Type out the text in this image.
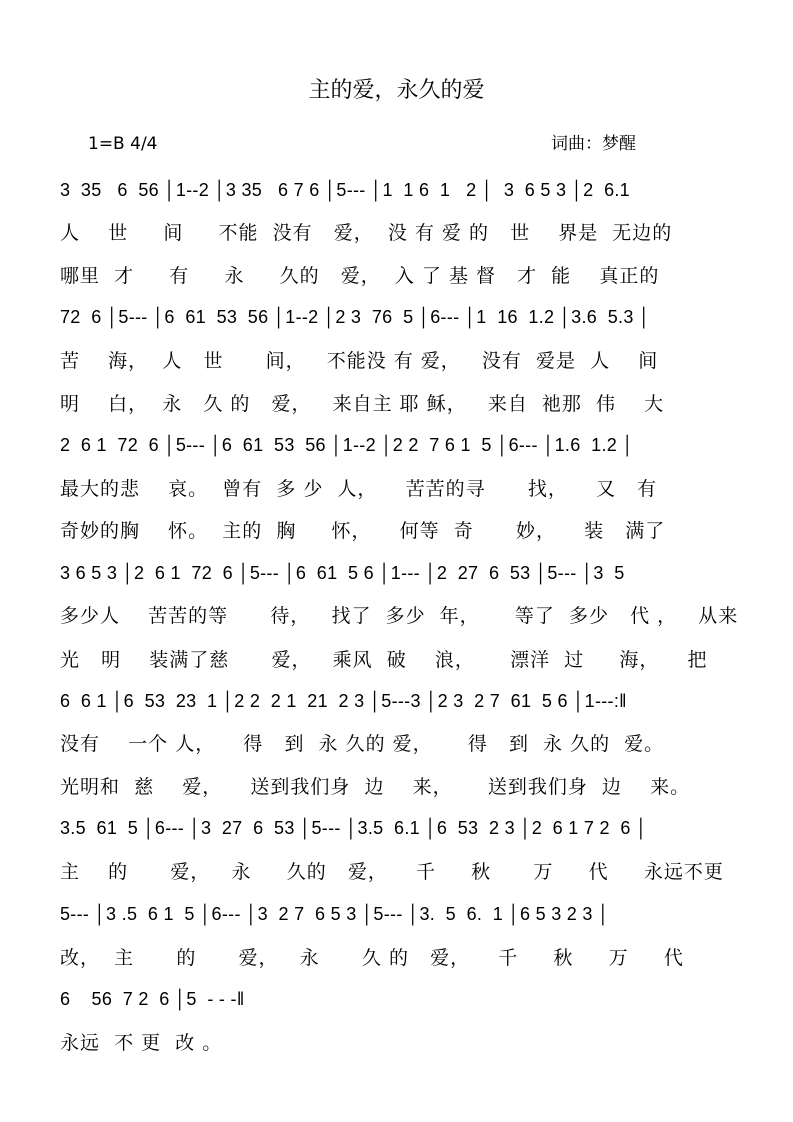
主的爱，永久的爱
1=B 4/4	词曲：梦醒
3  35   6  56 │1--2 │3 35   6 7 6 │5--- │1  1 6  1   2 │  3  6 5 3 │2  6.1
人    世     间     不能  没有   爱，  没 有 爱 的   世    界是  无边的
哪里  才     有     永     久的   爱，  入 了 基 督   才  能    真正的
72  6 │5--- │6  61  53  56 │1--2 │2 3  76  5 │6--- │1  16  1.2 │3.6  5.3 │
苦    海，  人   世      间，   不能没 有 爱，   没有  爱是  人    间
明    白，  永   久 的   爱，   来自主 耶 稣，   来自  祂那  伟    大
2  6 1  72  6 │5--- │6  61  53  56 │1--2 │2 2  7 6 1  5 │6--- │1.6  1.2 │
最大的悲    哀。  曾有  多 少  人，    苦苦的寻      找，    又   有
奇妙的胸    怀。  主的  胸     怀，    何等  奇      妙，    装   满了
3 6 5 3 │2  6 1  72  6 │5--- │6  61  5 6 │1--- │2  27  6  53 │5--- │3  5
多少人    苦苦的等      待，   找了  多少  年，     等了  多少   代 ，   从来
光   明    装满了慈      爱，   乘风  破    浪，     漂洋  过     海，    把
6  6 1 │6  53  23  1 │2 2  2 1  21  2 3 │5---3 │2 3  2 7  61  5 6 │1---:‖
没有    一个 人，    得   到  永 久的 爱，     得   到  永 久的  爱。
光明和  慈    爱，    送到我们身  边    来，     送到我们身  边    来。
3.5  61  5 │6--- │3  27  6  53 │5--- │3.5  6.1 │6  53  2 3 │2  6 1 7 2  6 │
主    的      爱，   永     久的   爱，    千     秋      万     代     永远不更
5--- │3 .5  6 1  5 │6--- │3  2 7  6 5 3 │5--- │3.  5  6.  1 │6 5 3 2 3 │
改，  主      的      爱，   永      久 的   爱，    千     秋     万     代
6    56  7 2  6 │5  - - -‖
永远  不 更  改 。
